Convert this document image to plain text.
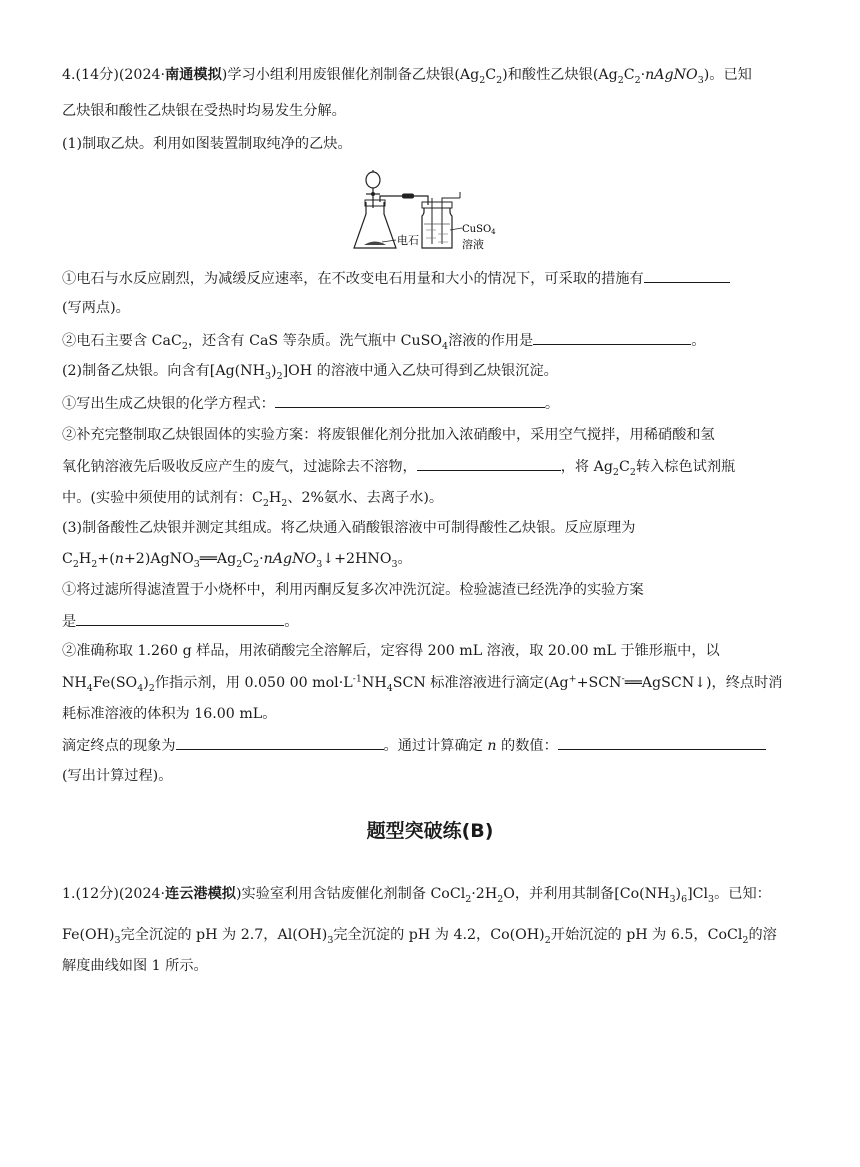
4.(14分)(2024·南通模拟)学习小组利用废银催化剂制备乙炔银$(Ag_2C_2)$和酸性乙炔银$(Ag_2C_2\cdot nAgNO_3)$。已知
乙炔银和酸性乙炔银在受热时均易发生分解。
(1)制取乙炔。利用如图装置制取纯净的乙炔。
电石
CuSO$_4$
溶液
①电石与水反应剧烈，为减缓反应速率，在不改变电石用量和大小的情况下，可采取的措施有
(写两点)。
②电石主要含 CaC$_2$，还含有 CaS 等杂质。洗气瓶中 CuSO$_4$溶液的作用是	。
(2)制备乙炔银。向含有$[Ag(NH_3)_2]OH$ 的溶液中通入乙炔可得到乙炔银沉淀。
①写出生成乙炔银的化学方程式：	。
②补充完整制取乙炔银固体的实验方案：将废银催化剂分批加入浓硝酸中，采用空气搅拌，用稀硝酸和氢
氧化钠溶液先后吸收反应产生的废气，过滤除去不溶物，	，将 $Ag_2C_2$转入棕色试剂瓶
中。(实验中须使用的试剂有：$C_2H_2$、2%氨水、去离子水)。
(3)制备酸性乙炔银并测定其组成。将乙炔通入硝酸银溶液中可制得酸性乙炔银。反应原理为
$C_2H_2+(n+2)AgNO_3══Ag_2C_2\cdot nAgNO_3↓+2HNO_3$。
①将过滤所得滤渣置于小烧杯中，利用丙酮反复多次冲洗沉淀。检验滤渣已经洗净的实验方案
是	。
②准确称取 1.260 g 样品，用浓硝酸完全溶解后，定容得 200 mL 溶液，取 20.00 mL 于锥形瓶中，以
$NH_4Fe(SO_4)_2$作指示剂，用 0.050 00 $mol\cdot L^{-1}NH_4SCN$ 标准溶液进行滴定(Ag++SCN-══AgSCN↓)，终点时消
耗标准溶液的体积为 16.00 mL。
滴定终点的现象为	。通过计算确定 n 的数值：
(写出计算过程)。
题型突破练(B)
1.(12分)(2024·连云港模拟)实验室利用含钴废催化剂制备 $CoCl_2\cdot 2H_2O$，并利用其制备$[Co(NH_3)_6]Cl_3$。已知：
$Fe(OH)_3$完全沉淀的 pH 为 2.7，$Al(OH)_3$完全沉淀的 pH 为 4.2，$Co(OH)_2$开始沉淀的 pH 为 6.5，CoCl$_2$的溶
解度曲线如图 1 所示。
